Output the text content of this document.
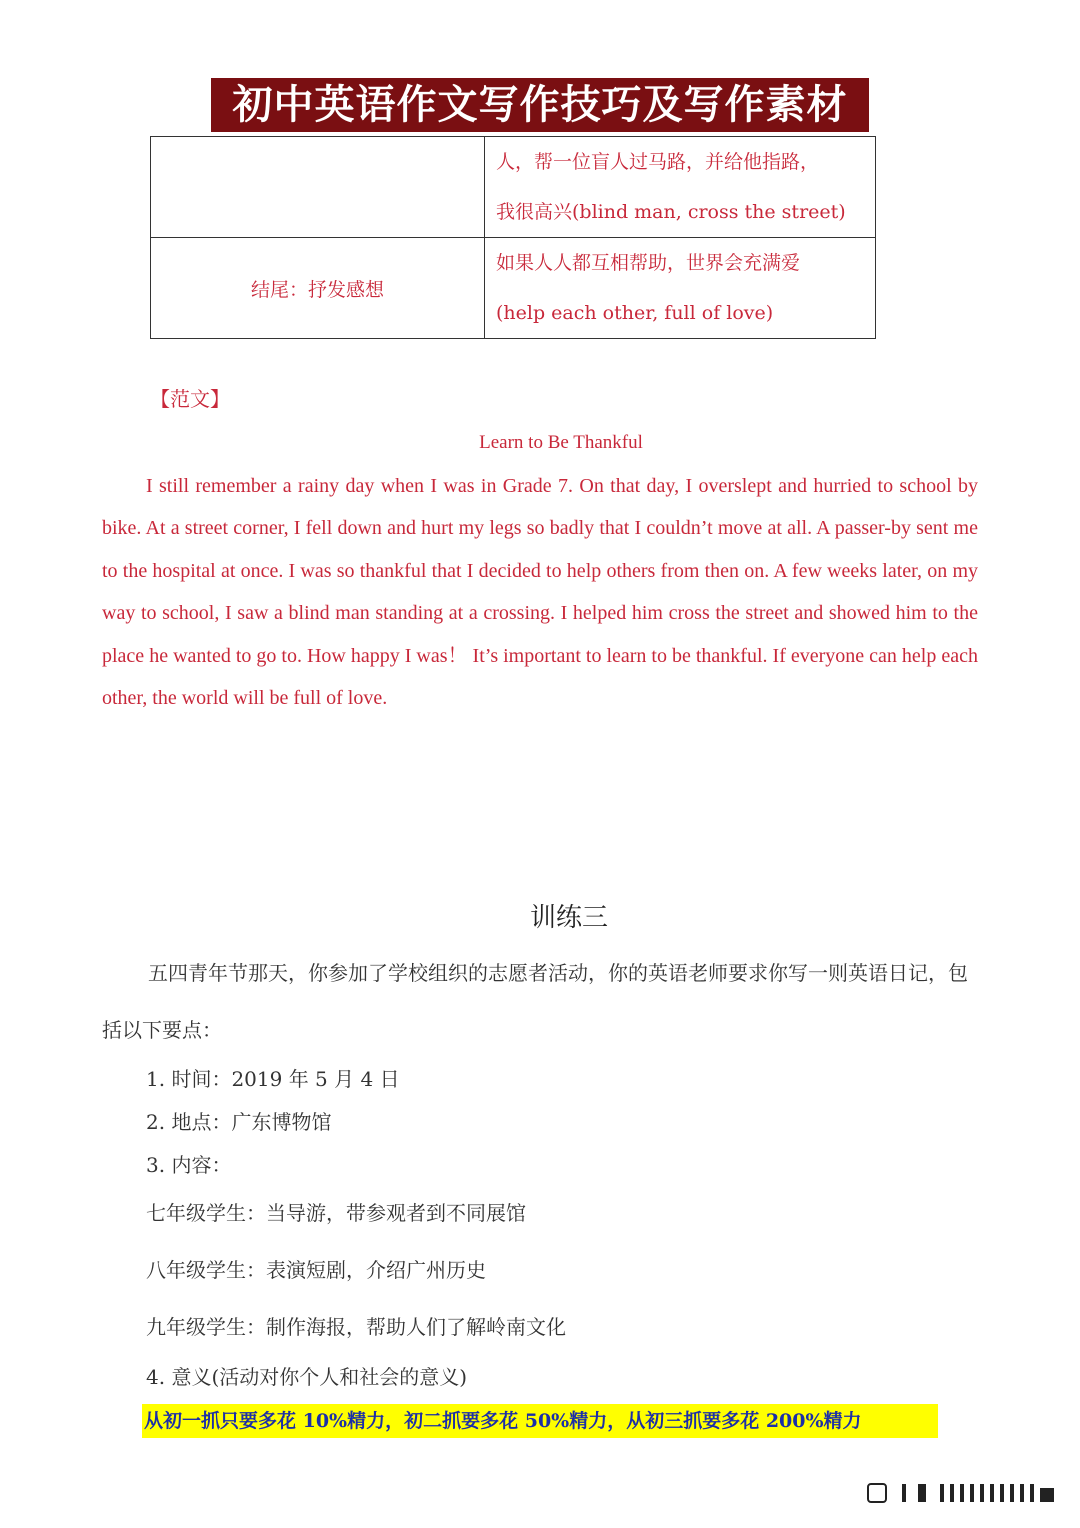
初中英语作文写作技巧及写作素材

	人，帮一位盲人过马路，并给他指路，
我很高兴(blind man, cross the street)

结尾：抒发感想	如果人人都互相帮助，世界会充满爱
(help each other, full of love)
【范文】
Learn to Be Thankful

I still remember a rainy day when I was in Grade 7. On that day, I overslept and hurried to school by bike. At a street corner, I fell down and hurt my legs so badly that I couldn’t move at all. A passer-by sent me to the hospital at once. I was so thankful that I decided to help others from then on. A few weeks later, on my way to school, I saw a blind man standing at a crossing. I helped him cross the street and showed him to the place he wanted to go to. How happy I was！ It’s important to learn to be thankful. If everyone can help each other, the world will be full of love.

训练三

五四青年节那天，你参加了学校组织的志愿者活动，你的英语老师要求你写一则英语日记，包括以下要点：

1. 时间：2019 年 5 月 4 日
2. 地点：广东博物馆
3. 内容：
七年级学生：当导游，带参观者到不同展馆
八年级学生：表演短剧，介绍广州历史
九年级学生：制作海报，帮助人们了解岭南文化
4. 意义(活动对你个人和社会的意义)
从初一抓只要多花 10%精力，初二抓要多花 50%精力，从初三抓要多花 200%精力
